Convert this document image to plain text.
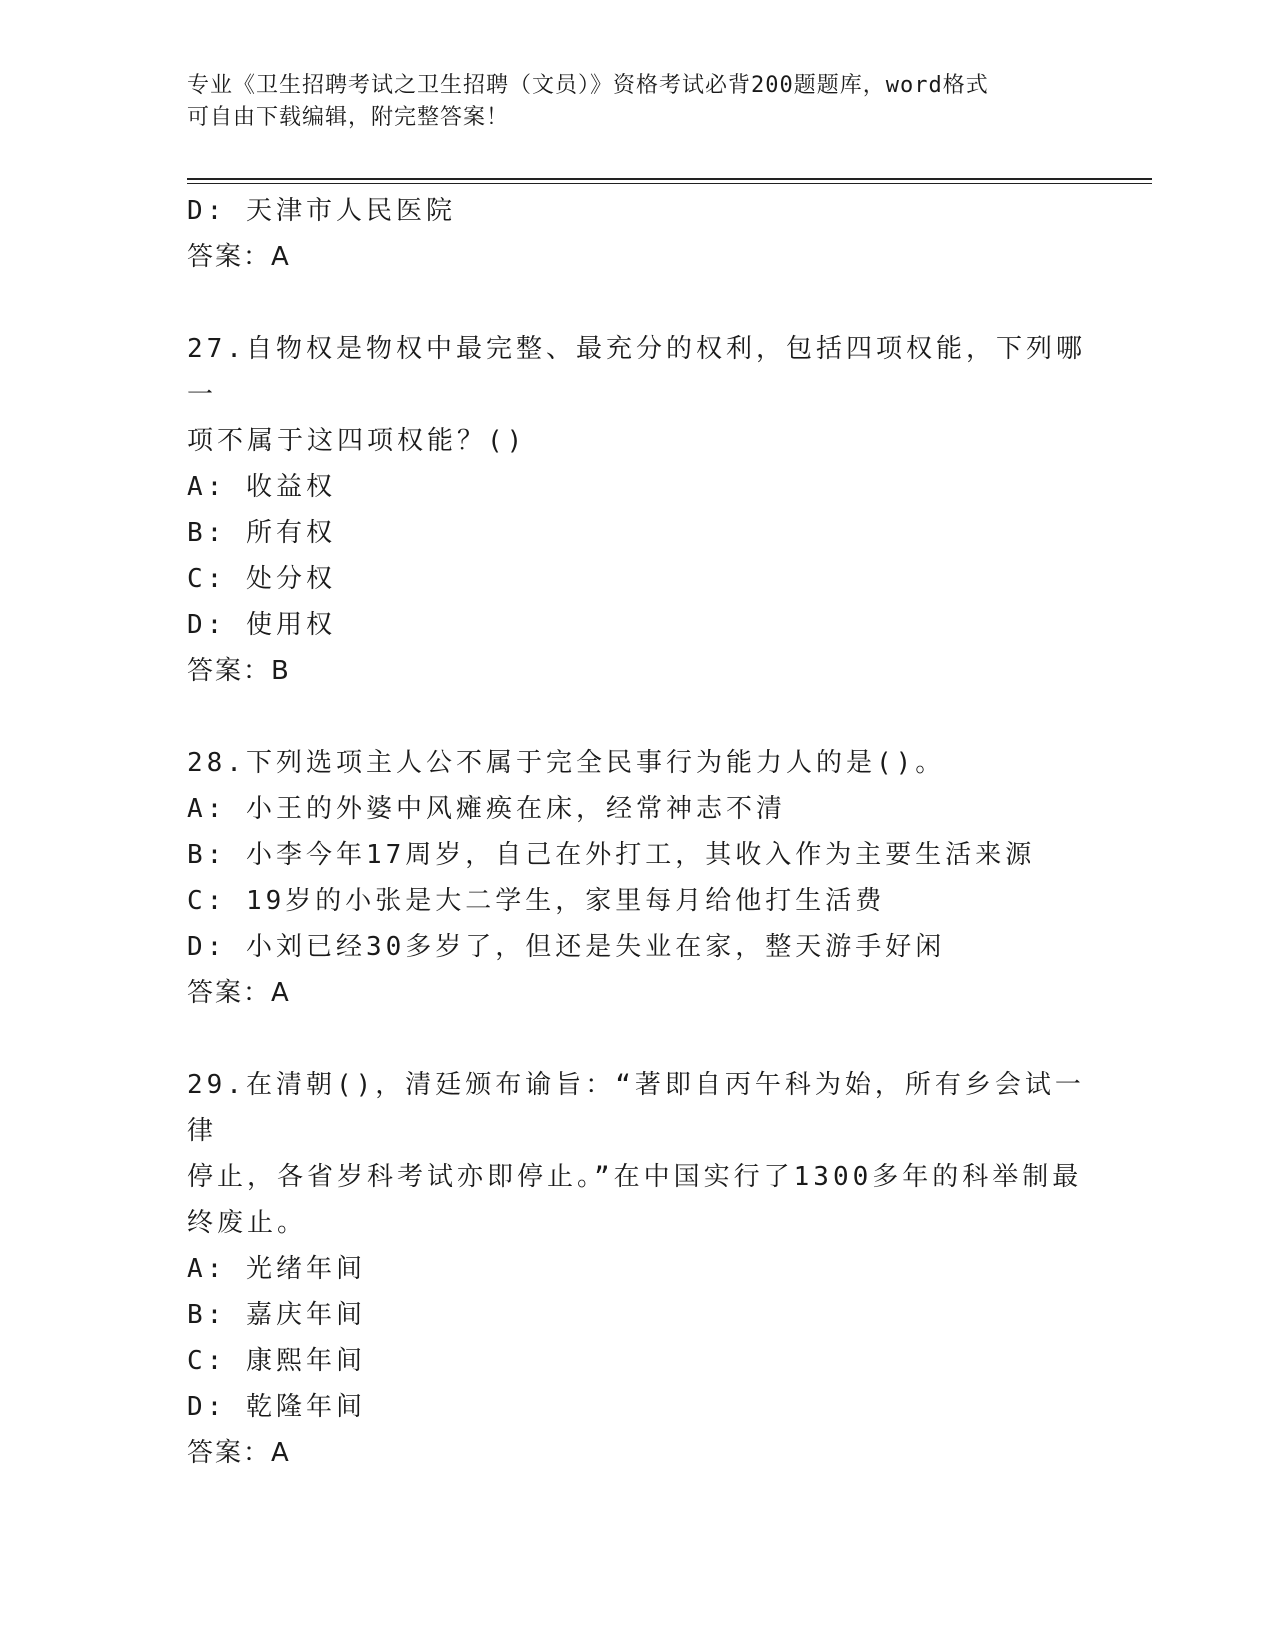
专业《卫生招聘考试之卫生招聘（文员）》资格考试必背200题题库，word格式
可自由下载编辑，附完整答案！
D: 天津市人民医院
答案：A
27.自物权是物权中最完整、最充分的权利，包括四项权能，下列哪一
项不属于这四项权能？()
A: 收益权
B: 所有权
C: 处分权
D: 使用权
答案：B
28.下列选项主人公不属于完全民事行为能力人的是()。
A: 小王的外婆中风瘫痪在床，经常神志不清
B: 小李今年17周岁，自己在外打工，其收入作为主要生活来源
C: 19岁的小张是大二学生，家里每月给他打生活费
D: 小刘已经30多岁了，但还是失业在家，整天游手好闲
答案：A
29.在清朝()，清廷颁布谕旨：“著即自丙午科为始，所有乡会试一律
停止，各省岁科考试亦即停止。”在中国实行了1300多年的科举制最
终废止。
A: 光绪年间
B: 嘉庆年间
C: 康熙年间
D: 乾隆年间
答案：A
